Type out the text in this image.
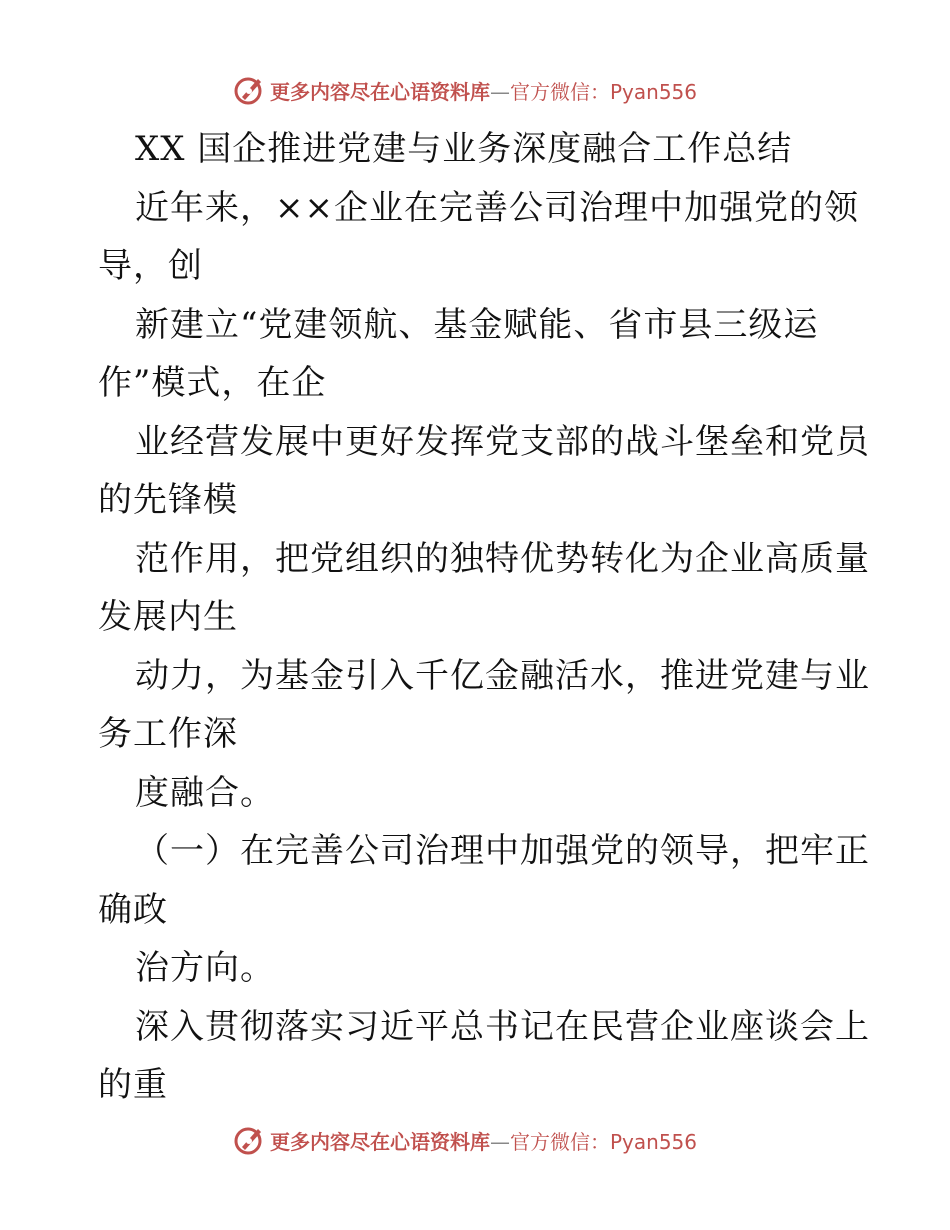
更多内容尽在心语资料库—官方微信：Pyan556
XX 国企推进党建与业务深度融合工作总结
近年来，××企业在完善公司治理中加强党的领
导，创
新建立“党建领航、基金赋能、省市县三级运
作”模式，在企
业经营发展中更好发挥党支部的战斗堡垒和党员
的先锋模
范作用，把党组织的独特优势转化为企业高质量
发展内生
动力，为基金引入千亿金融活水，推进党建与业
务工作深
度融合。
（一）在完善公司治理中加强党的领导，把牢正
确政
治方向。
深入贯彻落实习近平总书记在民营企业座谈会上
的重
更多内容尽在心语资料库—官方微信：Pyan556
